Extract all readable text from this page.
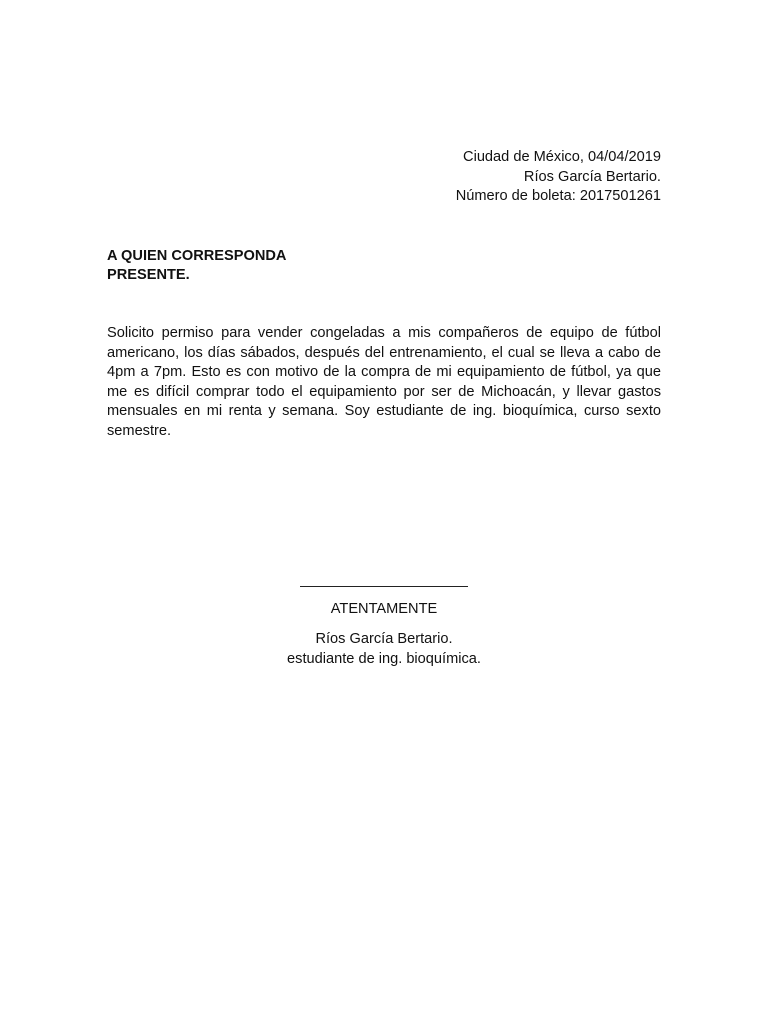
Ciudad de México, 04/04/2019
Ríos García Bertario.
Número de boleta: 2017501261
A QUIEN CORRESPONDA
PRESENTE.

Solicito permiso para vender congeladas a mis compañeros de equipo de fútbol americano, los días sábados, después del entrenamiento, el cual se lleva a cabo de 4pm a 7pm. Esto es con motivo de la compra de mi equipamiento de fútbol, ya que me es difícil comprar todo el equipamiento por ser de Michoacán, y llevar gastos mensuales en mi renta y semana. Soy estudiante de ing. bioquímica, curso sexto semestre.

ATENTAMENTE
Ríos García Bertario.
estudiante de ing. bioquímica.
